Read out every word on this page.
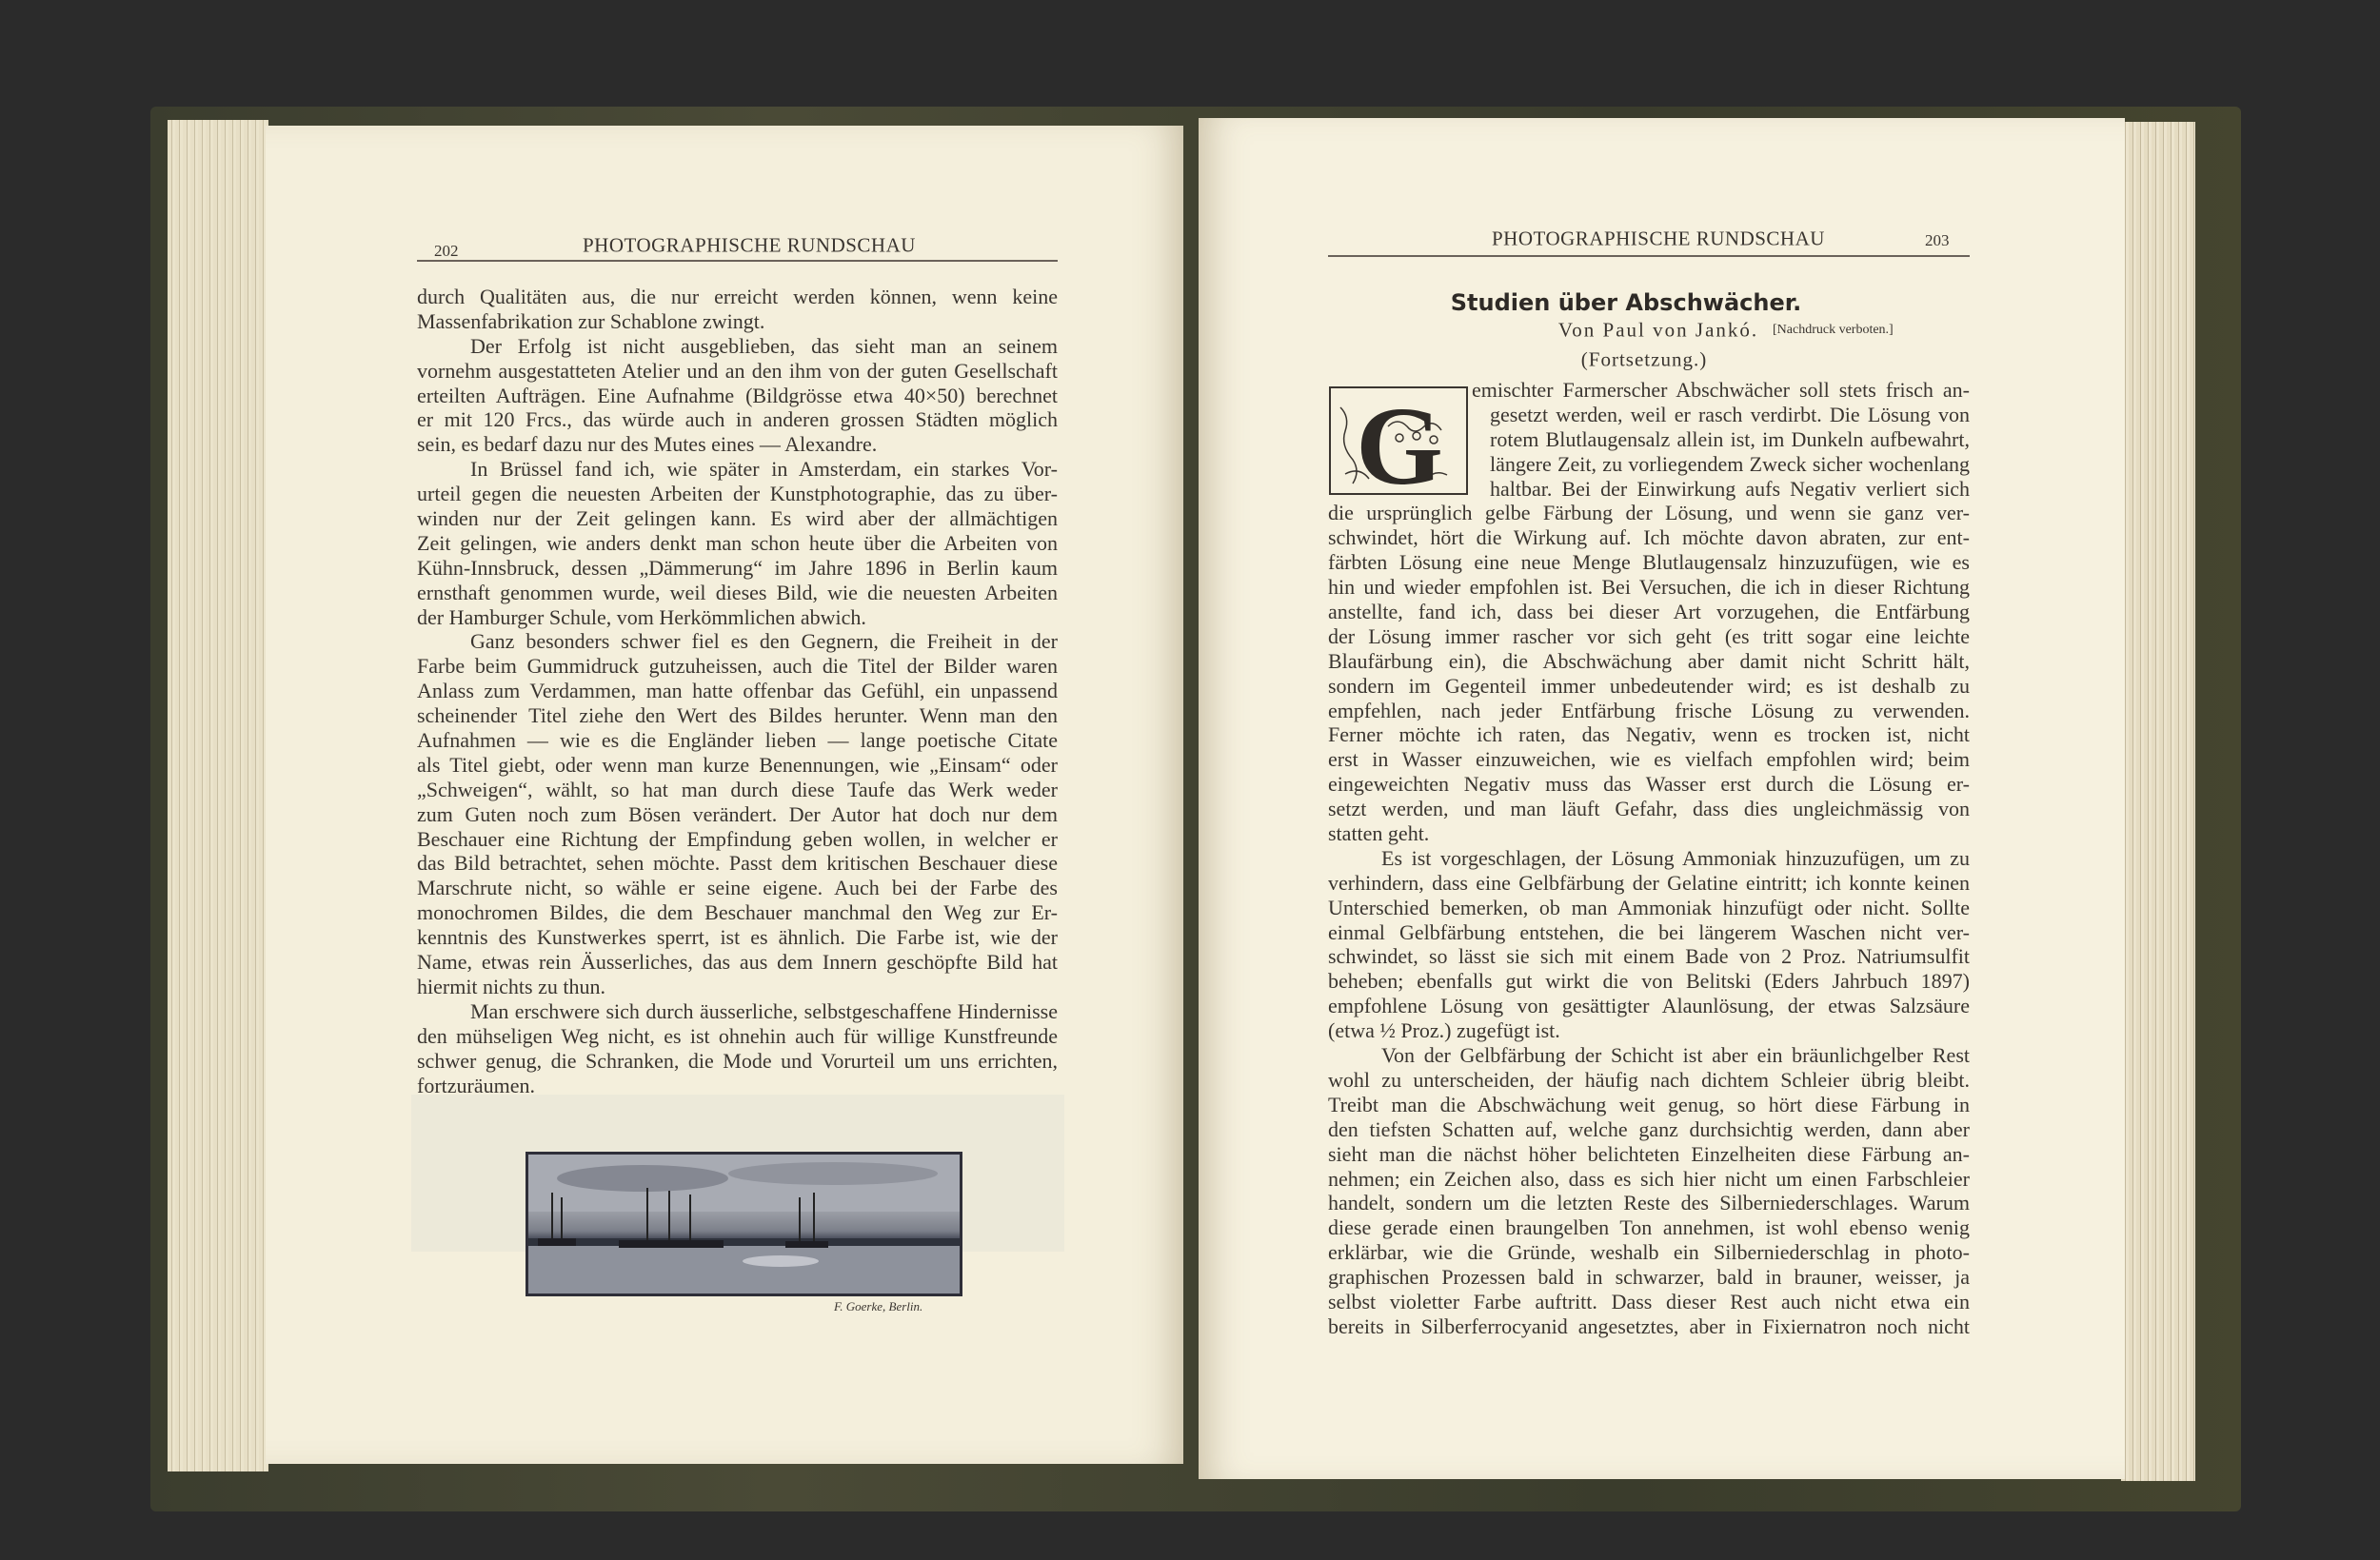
202	PHOTOGRAPHISCHE RUNDSCHAU
durch Qualitäten aus, die nur erreicht werden können, wenn keine
Massenfabrikation zur Schablone zwingt.
Der Erfolg ist nicht ausgeblieben, das sieht man an seinem
vornehm ausgestatteten Atelier und an den ihm von der guten Gesellschaft
erteilten Aufträgen. Eine Aufnahme (Bildgrösse etwa 40×50) berechnet
er mit 120 Frcs., das würde auch in anderen grossen Städten möglich
sein, es bedarf dazu nur des Mutes eines — Alexandre.
In Brüssel fand ich, wie später in Amsterdam, ein starkes Vor-
urteil gegen die neuesten Arbeiten der Kunstphotographie, das zu über-
winden nur der Zeit gelingen kann. Es wird aber der allmächtigen
Zeit gelingen, wie anders denkt man schon heute über die Arbeiten von
Kühn-Innsbruck, dessen „Dämmerung“ im Jahre 1896 in Berlin kaum
ernsthaft genommen wurde, weil dieses Bild, wie die neuesten Arbeiten
der Hamburger Schule, vom Herkömmlichen abwich.
Ganz besonders schwer fiel es den Gegnern, die Freiheit in der
Farbe beim Gummidruck gutzuheissen, auch die Titel der Bilder waren
Anlass zum Verdammen, man hatte offenbar das Gefühl, ein unpassend
scheinender Titel ziehe den Wert des Bildes herunter. Wenn man den
Aufnahmen — wie es die Engländer lieben — lange poetische Citate
als Titel giebt, oder wenn man kurze Benennungen, wie „Einsam“ oder
„Schweigen“, wählt, so hat man durch diese Taufe das Werk weder
zum Guten noch zum Bösen verändert. Der Autor hat doch nur dem
Beschauer eine Richtung der Empfindung geben wollen, in welcher er
das Bild betrachtet, sehen möchte. Passt dem kritischen Beschauer diese
Marschrute nicht, so wähle er seine eigene. Auch bei der Farbe des
monochromen Bildes, die dem Beschauer manchmal den Weg zur Er-
kenntnis des Kunstwerkes sperrt, ist es ähnlich. Die Farbe ist, wie der
Name, etwas rein Äusserliches, das aus dem Innern geschöpfte Bild hat
hiermit nichts zu thun.
Man erschwere sich durch äusserliche, selbstgeschaffene Hindernisse
den mühseligen Weg nicht, es ist ohnehin auch für willige Kunstfreunde
schwer genug, die Schranken, die Mode und Vorurteil um uns errichten,
fortzuräumen.
F. Goerke, Berlin.
PHOTOGRAPHISCHE RUNDSCHAU	203
Studien über Abschwächer.
Von Paul von Jankó. [Nachdruck verboten.]
(Fortsetzung.)
G	emischter Farmerscher Abschwächer soll stets frisch an-
gesetzt werden, weil er rasch verdirbt. Die Lösung von
rotem Blutlaugensalz allein ist, im Dunkeln aufbewahrt,
längere Zeit, zu vorliegendem Zweck sicher wochenlang
haltbar. Bei der Einwirkung aufs Negativ verliert sich
die ursprünglich gelbe Färbung der Lösung, und wenn sie ganz ver-
schwindet, hört die Wirkung auf. Ich möchte davon abraten, zur ent-
färbten Lösung eine neue Menge Blutlaugensalz hinzuzufügen, wie es
hin und wieder empfohlen ist. Bei Versuchen, die ich in dieser Richtung
anstellte, fand ich, dass bei dieser Art vorzugehen, die Entfärbung
der Lösung immer rascher vor sich geht (es tritt sogar eine leichte
Blaufärbung ein), die Abschwächung aber damit nicht Schritt hält,
sondern im Gegenteil immer unbedeutender wird; es ist deshalb zu
empfehlen, nach jeder Entfärbung frische Lösung zu verwenden.
Ferner möchte ich raten, das Negativ, wenn es trocken ist, nicht
erst in Wasser einzuweichen, wie es vielfach empfohlen wird; beim
eingeweichten Negativ muss das Wasser erst durch die Lösung er-
setzt werden, und man läuft Gefahr, dass dies ungleichmässig von
statten geht.
Es ist vorgeschlagen, der Lösung Ammoniak hinzuzufügen, um zu
verhindern, dass eine Gelbfärbung der Gelatine eintritt; ich konnte keinen
Unterschied bemerken, ob man Ammoniak hinzufügt oder nicht. Sollte
einmal Gelbfärbung entstehen, die bei längerem Waschen nicht ver-
schwindet, so lässt sie sich mit einem Bade von 2 Proz. Natriumsulfit
beheben; ebenfalls gut wirkt die von Belitski (Eders Jahrbuch 1897)
empfohlene Lösung von gesättigter Alaunlösung, der etwas Salzsäure
(etwa ½ Proz.) zugefügt ist.
Von der Gelbfärbung der Schicht ist aber ein bräunlichgelber Rest
wohl zu unterscheiden, der häufig nach dichtem Schleier übrig bleibt.
Treibt man die Abschwächung weit genug, so hört diese Färbung in
den tiefsten Schatten auf, welche ganz durchsichtig werden, dann aber
sieht man die nächst höher belichteten Einzelheiten diese Färbung an-
nehmen; ein Zeichen also, dass es sich hier nicht um einen Farbschleier
handelt, sondern um die letzten Reste des Silberniederschlages. Warum
diese gerade einen braungelben Ton annehmen, ist wohl ebenso wenig
erklärbar, wie die Gründe, weshalb ein Silberniederschlag in photo-
graphischen Prozessen bald in schwarzer, bald in brauner, weisser, ja
selbst violetter Farbe auftritt. Dass dieser Rest auch nicht etwa ein
bereits in Silberferrocyanid angesetztes, aber in Fixiernatron noch nicht
